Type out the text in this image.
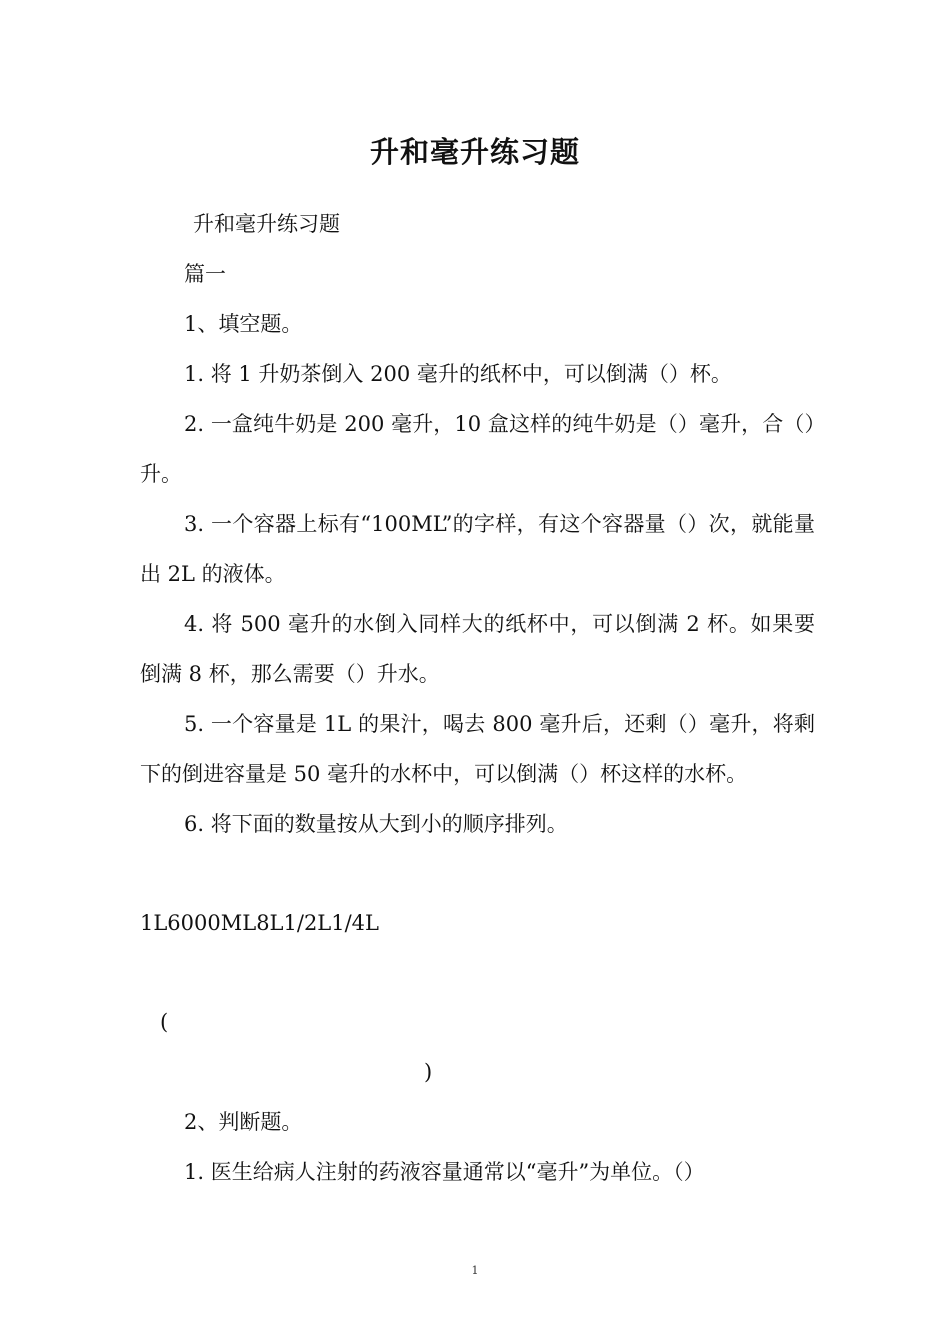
升和毫升练习题
升和毫升练习题
篇一
1、填空题。
1. 将 1 升奶茶倒入 200 毫升的纸杯中，可以倒满（）杯。
2. 一盒纯牛奶是 200 毫升，10 盒这样的纯牛奶是（）毫升，合（）升。
3. 一个容器上标有“100ML”的字样，有这个容器量（）次，就能量出 2L 的液体。
4. 将 500 毫升的水倒入同样大的纸杯中，可以倒满 2 杯。如果要倒满 8 杯，那么需要（）升水。
5. 一个容量是 1L 的果汁，喝去 800 毫升后，还剩（）毫升，将剩下的倒进容量是 50 毫升的水杯中，可以倒满（）杯这样的水杯。
6. 将下面的数量按从大到小的顺序排列。
1L6000ML8L1/2L1/4L
(
)
2、判断题。
1. 医生给病人注射的药液容量通常以“毫升”为单位。（）
1
